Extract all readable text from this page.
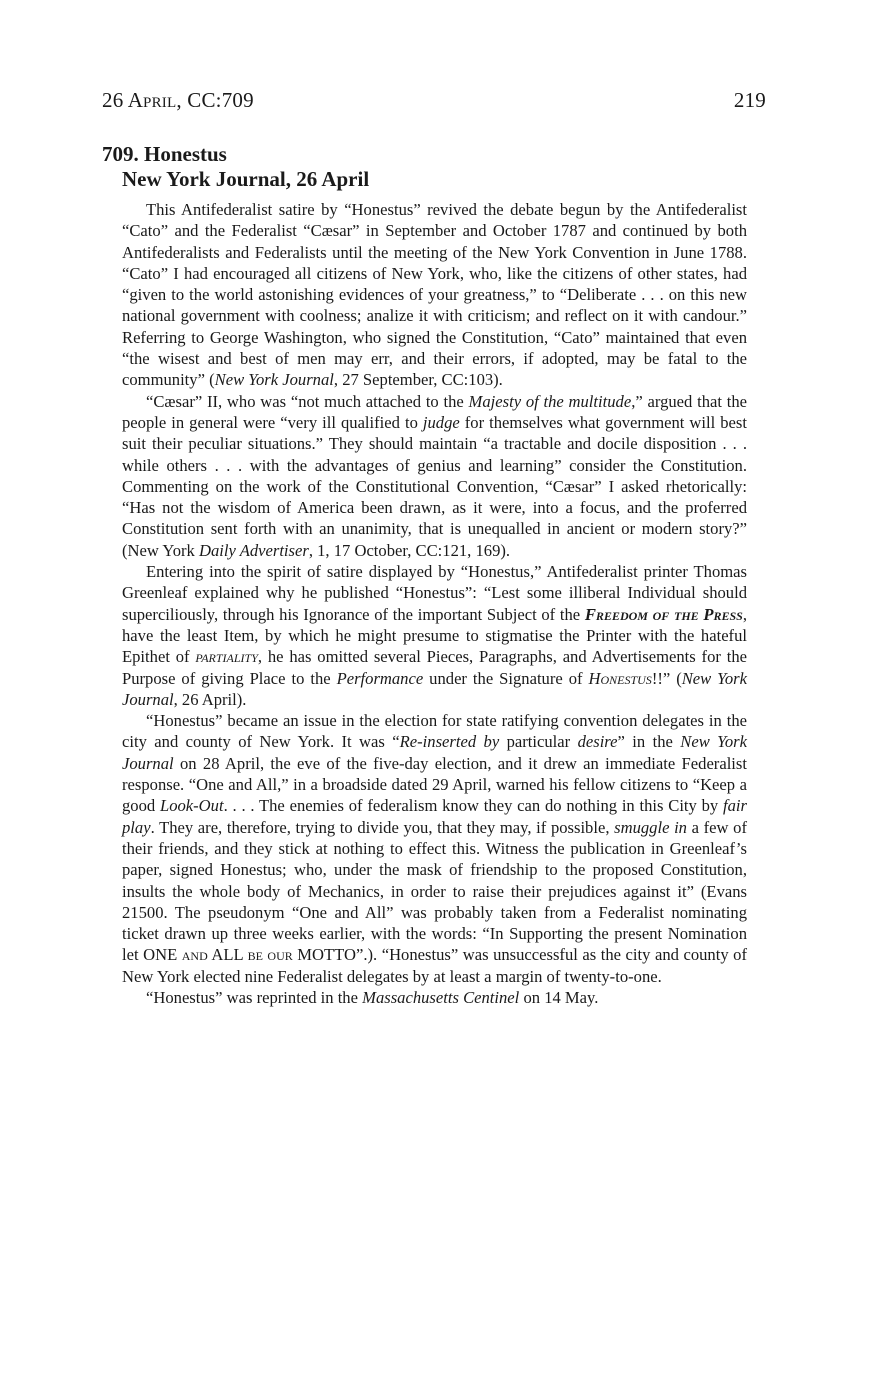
26 April, CC:709	219
709. Honestus
New York Journal, 26 April

This Antifederalist satire by “Honestus” revived the debate begun by the Antifederalist “Cato” and the Federalist “Cæsar” in September and October 1787 and continued by both Antifederalists and Federalists until the meeting of the New York Convention in June 1788. “Cato” I had encouraged all citizens of New York, who, like the citizens of other states, had “given to the world astonishing evidences of your greatness,” to “Deliberate . . . on this new national government with coolness; analize it with criticism; and reflect on it with candour.” Referring to George Washington, who signed the Constitution, “Cato” maintained that even “the wisest and best of men may err, and their errors, if adopted, may be fatal to the community” (New York Journal, 27 September, CC:103).

“Cæsar” II, who was “not much attached to the Majesty of the multitude,” argued that the people in general were “very ill qualified to judge for themselves what government will best suit their peculiar situations.” They should maintain “a tractable and docile disposition . . . while others . . . with the advantages of genius and learning” consider the Constitution. Commenting on the work of the Constitutional Convention, “Cæsar” I asked rhetorically: “Has not the wisdom of America been drawn, as it were, into a focus, and the proferred Constitution sent forth with an unanimity, that is unequalled in ancient or modern story?” (New York Daily Advertiser, 1, 17 October, CC:121, 169).

Entering into the spirit of satire displayed by “Honestus,” Antifederalist printer Thomas Greenleaf explained why he published “Honestus”: “Lest some illiberal Individual should superciliously, through his Ignorance of the important Subject of the Freedom of the Press, have the least Item, by which he might presume to stigmatise the Printer with the hateful Epithet of partiality, he has omitted several Pieces, Paragraphs, and Advertisements for the Purpose of giving Place to the Performance under the Signature of Honestus!!” (New York Journal, 26 April).

“Honestus” became an issue in the election for state ratifying convention delegates in the city and county of New York. It was “Re-inserted by particular desire” in the New York Journal on 28 April, the eve of the five-day election, and it drew an immediate Federalist response. “One and All,” in a broadside dated 29 April, warned his fellow citizens to “Keep a good Look-Out. . . . The enemies of federalism know they can do nothing in this City by fair play. They are, therefore, trying to divide you, that they may, if possible, smuggle in a few of their friends, and they stick at nothing to effect this. Witness the publication in Greenleaf’s paper, signed Honestus; who, under the mask of friendship to the proposed Constitution, insults the whole body of Mechanics, in order to raise their prejudices against it” (Evans 21500. The pseudonym “One and All” was probably taken from a Federalist nominating ticket drawn up three weeks earlier, with the words: “In Supporting the present Nomination let ONE and ALL be our MOTTO”.). “Honestus” was unsuccessful as the city and county of New York elected nine Federalist delegates by at least a margin of twenty-to-one.

“Honestus” was reprinted in the Massachusetts Centinel on 14 May.
